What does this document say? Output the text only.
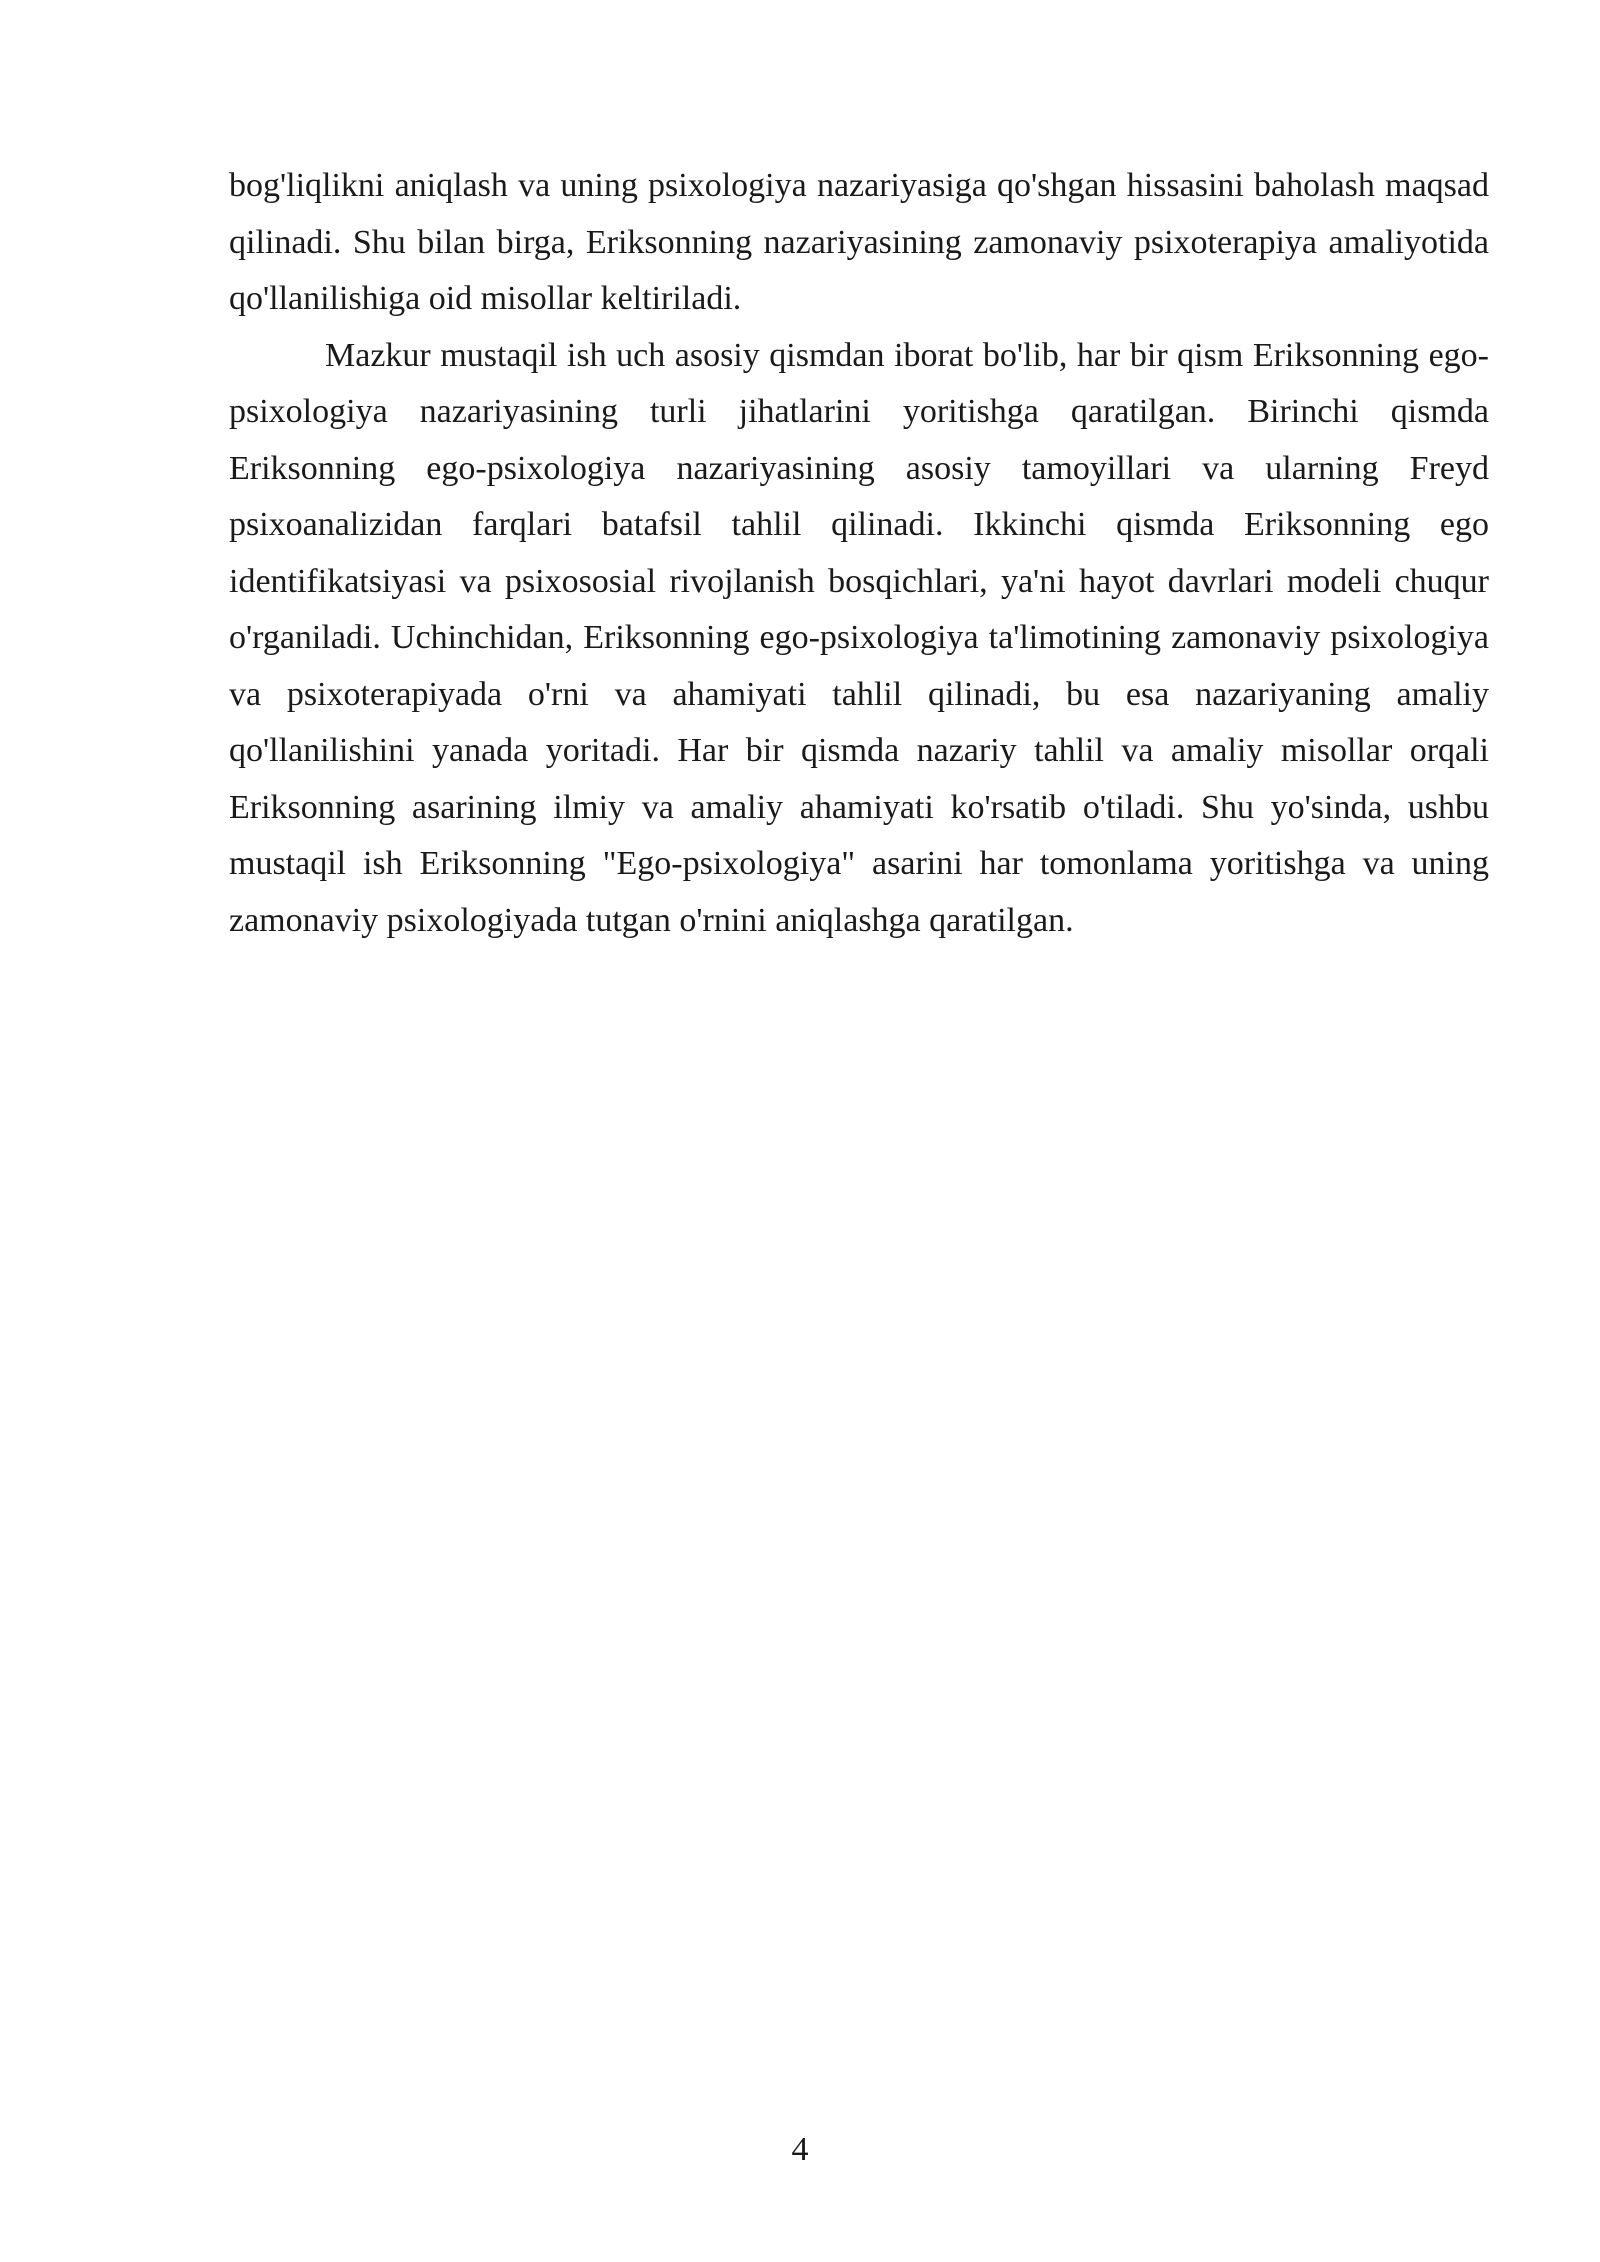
bog'liqlikni aniqlash va uning psixologiya nazariyasiga qo'shgan hissasini baholash maqsad qilinadi. Shu bilan birga, Eriksonning nazariyasining zamonaviy psixoterapiya amaliyotida qo'llanilishiga oid misollar keltiriladi.

Mazkur mustaqil ish uch asosiy qismdan iborat bo'lib, har bir qism Eriksonning ego-psixologiya nazariyasining turli jihatlarini yoritishga qaratilgan. Birinchi qismda Eriksonning ego-psixologiya nazariyasining asosiy tamoyillari va ularning Freyd psixoanalizidan farqlari batafsil tahlil qilinadi. Ikkinchi qismda Eriksonning ego identifikatsiyasi va psixososial rivojlanish bosqichlari, ya'ni hayot davrlari modeli chuqur o'rganiladi. Uchinchidan, Eriksonning ego-psixologiya ta'limotining zamonaviy psixologiya va psixoterapiyada o'rni va ahamiyati tahlil qilinadi, bu esa nazariyaning amaliy qo'llanilishini yanada yoritadi. Har bir qismda nazariy tahlil va amaliy misollar orqali Eriksonning asarining ilmiy va amaliy ahamiyati ko'rsatib o'tiladi. Shu yo'sinda, ushbu mustaqil ish Eriksonning "Ego-psixologiya" asarini har tomonlama yoritishga va uning zamonaviy psixologiyada tutgan o'rnini aniqlashga qaratilgan.

4
